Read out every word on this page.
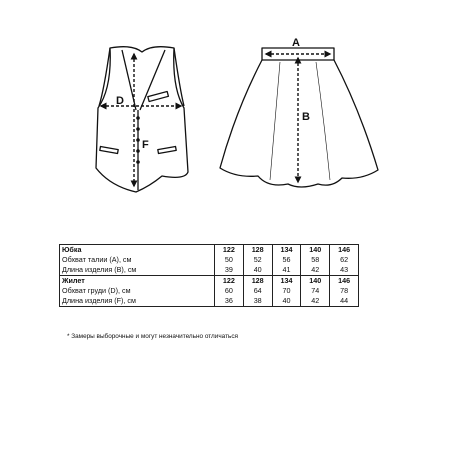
D
F
A
B
Юбка	122	128	134	140	146
Обхват талии (А), см	50	52	56	58	62
Длина изделия (B), см	39	40	41	42	43
Жилет	122	128	134	140	146
Обхват груди (D), см	60	64	70	74	78
Длина изделия (F), см	36	38	40	42	44
* Замеры выборочные и могут незначительно отличаться
